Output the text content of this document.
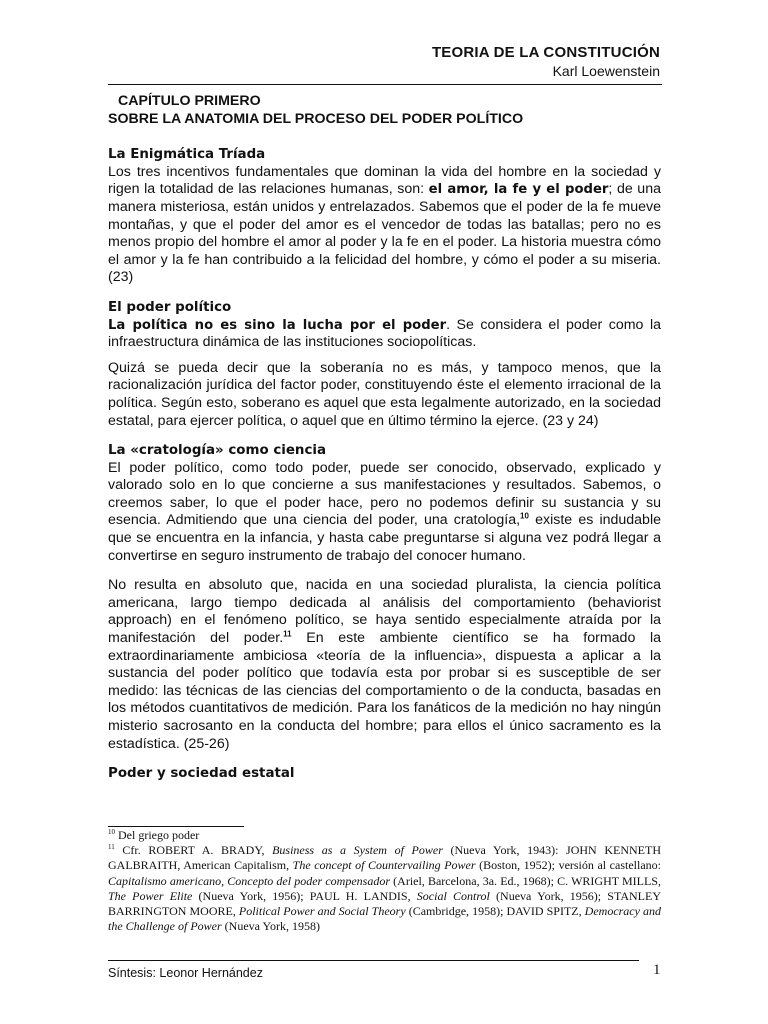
TEORIA DE LA CONSTITUCIÓN
Karl Loewenstein
CAPÍTULO PRIMERO
SOBRE LA ANATOMIA DEL PROCESO DEL PODER POLÍTICO
La Enigmática Tríada

Los tres incentivos fundamentales que dominan la vida del hombre en la sociedad y rigen la totalidad de las relaciones humanas, son: el amor, la fe y el poder; de una manera misteriosa, están unidos y entrelazados. Sabemos que el poder de la fe mueve montañas, y que el poder del amor es el vencedor de todas las batallas; pero no es menos propio del hombre el amor al poder y la fe en el poder. La historia muestra cómo el amor y la fe han contribuido a la felicidad del hombre, y cómo el poder a su miseria. (23)

El poder político

La política no es sino la lucha por el poder. Se considera el poder como la infraestructura dinámica de las instituciones sociopolíticas.

Quizá se pueda decir que la soberanía no es más, y tampoco menos, que la racionalización jurídica del factor poder, constituyendo éste el elemento irracional de la política. Según esto, soberano es aquel que esta legalmente autorizado, en la sociedad estatal, para ejercer política, o aquel que en último término la ejerce. (23 y 24)

La «cratología» como ciencia

El poder político, como todo poder, puede ser conocido, observado, explicado y valorado solo en lo que concierne a sus manifestaciones y resultados. Sabemos, o creemos saber, lo que el poder hace, pero no podemos definir su sustancia y su esencia. Admitiendo que una ciencia del poder, una cratología,$^{10}$ existe es indudable que se encuentra en la infancia, y hasta cabe preguntarse si alguna vez podrá llegar a convertirse en seguro instrumento de trabajo del conocer humano.

No resulta en absoluto que, nacida en una sociedad pluralista, la ciencia política americana, largo tiempo dedicada al análisis del comportamiento (behaviorist approach) en el fenómeno político, se haya sentido especialmente atraída por la manifestación del poder.$^{11}$ En este ambiente científico se ha formado la extraordinariamente ambiciosa «teoría de la influencia», dispuesta a aplicar a la sustancia del poder político que todavía esta por probar si es susceptible de ser medido: las técnicas de las ciencias del comportamiento o de la conducta, basadas en los métodos cuantitativos de medición. Para los fanáticos de la medición no hay ningún misterio sacrosanto en la conducta del hombre; para ellos el único sacramento es la estadística. (25-26)

Poder y sociedad estatal
$^{10}$ Del griego poder
$^{11}$ Cfr. ROBERT A. BRADY, Business as a System of Power (Nueva York, 1943): JOHN KENNETH GALBRAITH, American Capitalism, The concept of Countervailing Power (Boston, 1952); versión al castellano: Capitalismo americano, Concepto del poder compensador (Ariel, Barcelona, 3a. Ed., 1968); C. WRIGHT MILLS, The Power Elite (Nueva York, 1956); PAUL H. LANDIS, Social Control (Nueva York, 1956); STANLEY BARRINGTON MOORE, Political Power and Social Theory (Cambridge, 1958); DAVID SPITZ, Democracy and the Challenge of Power (Nueva York, 1958)
Síntesis: Leonor Hernández	1
